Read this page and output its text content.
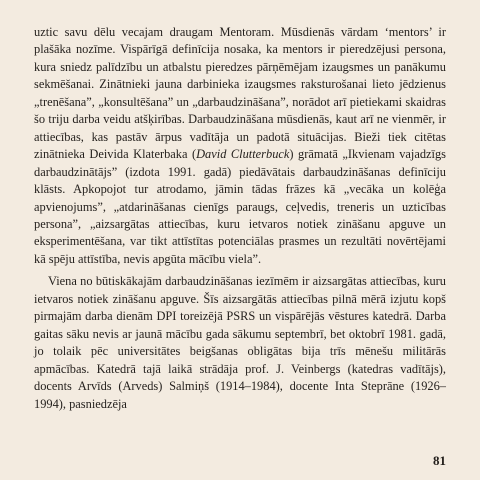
uztic savu dēlu vecajam draugam Mentoram. Mūsdienās vārdam ‘mentors’ ir plašāka nozīme. Vispārīgā definīcija nosaka, ka mentors ir pieredzējusi persona, kura sniedz palīdzību un atbalstu pieredzes pārņēmējam izaugsmes un panākumu sekmēšanai. Zinātnieki jauna darbinieka izaugsmes raksturošanai lieto jēdzienus „trenēšana”, „konsultēšana” un „darbaudzināšana”, norādot arī pietiekami skaidras šo triju darba veidu atšķirības. Darbaudzināšana mūsdienās, kaut arī ne vienmēr, ir attiecības, kas pastāv ārpus vadītāja un padotā situācijas. Bieži tiek citētas zinātnieka Deivida Klaterbaka (David Clutterbuck) grāmatā „Ikvienam vajadzīgs darbaudzinātājs” (izdota 1991. gadā) piedāvātais darbaudzināšanas definīciju klāsts. Apkopojot tur atrodamo, jāmin tādas frāzes kā „vecāka un kolēģa apvienojums”, „atdarināšanas cienīgs paraugs, ceļvedis, treneris un uzticības persona”, „aizsargātas attiecības, kuru ietvaros notiek zināšanu apguve un eksperimentēšana, var tikt attīstītas potenciālas prasmes un rezultāti novērtējami kā spēju attīstība, nevis apgūta mācību viela”.

Viena no būtiskākajām darbaudzināšanas iezīmēm ir aizsargātas attiecības, kuru ietvaros notiek zināšanu apguve. Šīs aizsargātās attiecības pilnā mērā izjutu kopš pirmajām darba dienām DPI toreizējā PSRS un vispārējās vēstures katedrā. Darba gaitas sāku nevis ar jaunā mācību gada sākumu septembrī, bet oktobrī 1981. gadā, jo tolaik pēc universitātes beigšanas obligātas bija trīs mēnešu militārās apmācības. Katedrā tajā laikā strādāja prof. J. Veinbergs (katedras vadītājs), docents Arvīds (Arveds) Salmiņš (1914–1984), docente Inta Steprāne (1926–1994), pasniedzēja

81
